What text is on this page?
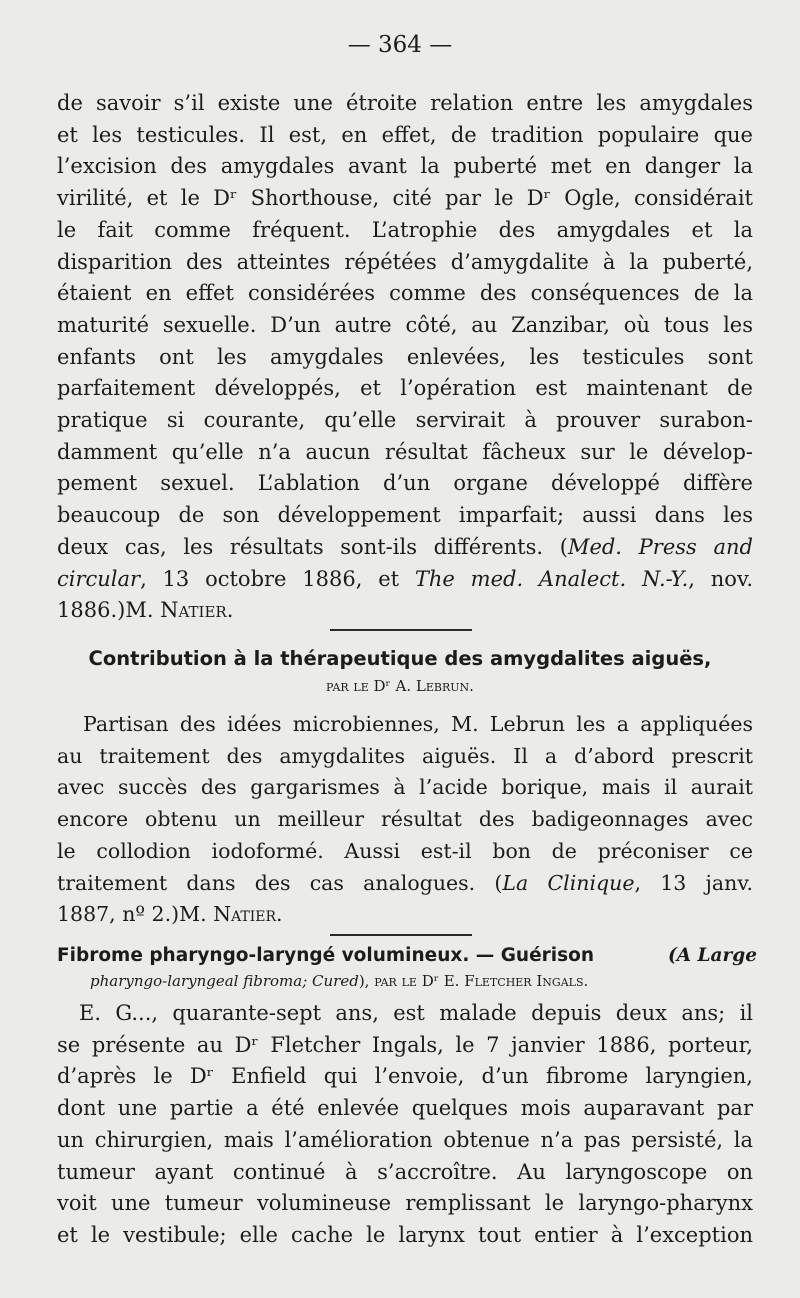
— 364 —

de savoir s’il existe une étroite relation entre les amygdales
et les testicules. Il est, en effet, de tradition populaire que
l’excision des amygdales avant la puberté met en danger la
virilité, et le Dʳ Shorthouse, cité par le Dʳ Ogle, considérait
le fait comme fréquent. L’atrophie des amygdales et la
disparition des atteintes répétées d’amygdalite à la puberté,
étaient en effet considérées comme des conséquences de la
maturité sexuelle. D’un autre côté, au Zanzibar, où tous les
enfants ont les amygdales enlevées, les testicules sont
parfaitement développés, et l’opération est maintenant de
pratique si courante, qu’elle servirait à prouver surabon-
damment qu’elle n’a aucun résultat fâcheux sur le dévelop-
pement sexuel. L’ablation d’un organe développé diffère
beaucoup de son développement imparfait; aussi dans les
deux cas, les résultats sont-ils différents. (Med. Press and
circular, 13 octobre 1886, et The med. Analect. N.-Y., nov.
1886.)M. Natier.

Contribution à la thérapeutique des amygdalites aiguës,
par le Dʳ A. Lebrun.

Partisan des idées microbiennes, M. Lebrun les a appliquées
au traitement des amygdalites aiguës. Il a d’abord prescrit
avec succès des gargarismes à l’acide borique, mais il aurait
encore obtenu un meilleur résultat des badigeonnages avec
le collodion iodoformé. Aussi est-il bon de préconiser ce
traitement dans des cas analogues. (La Clinique, 13 janv.
1887, nº 2.)M. Natier.

Fibrome pharyngo-laryngé volumineux. — Guérison	(A Large
pharyngo-laryngeal fibroma; Cured), par le Dʳ E. Fletcher Ingals.

E. G..., quarante-sept ans, est malade depuis deux ans; il
se présente au Dʳ Fletcher Ingals, le 7 janvier 1886, porteur,
d’après le Dʳ Enfield qui l’envoie, d’un fibrome laryngien,
dont une partie a été enlevée quelques mois auparavant par
un chirurgien, mais l’amélioration obtenue n’a pas persisté, la
tumeur ayant continué à s’accroître. Au laryngoscope on
voit une tumeur volumineuse remplissant le laryngo-pharynx
et le vestibule; elle cache le larynx tout entier à l’exception
